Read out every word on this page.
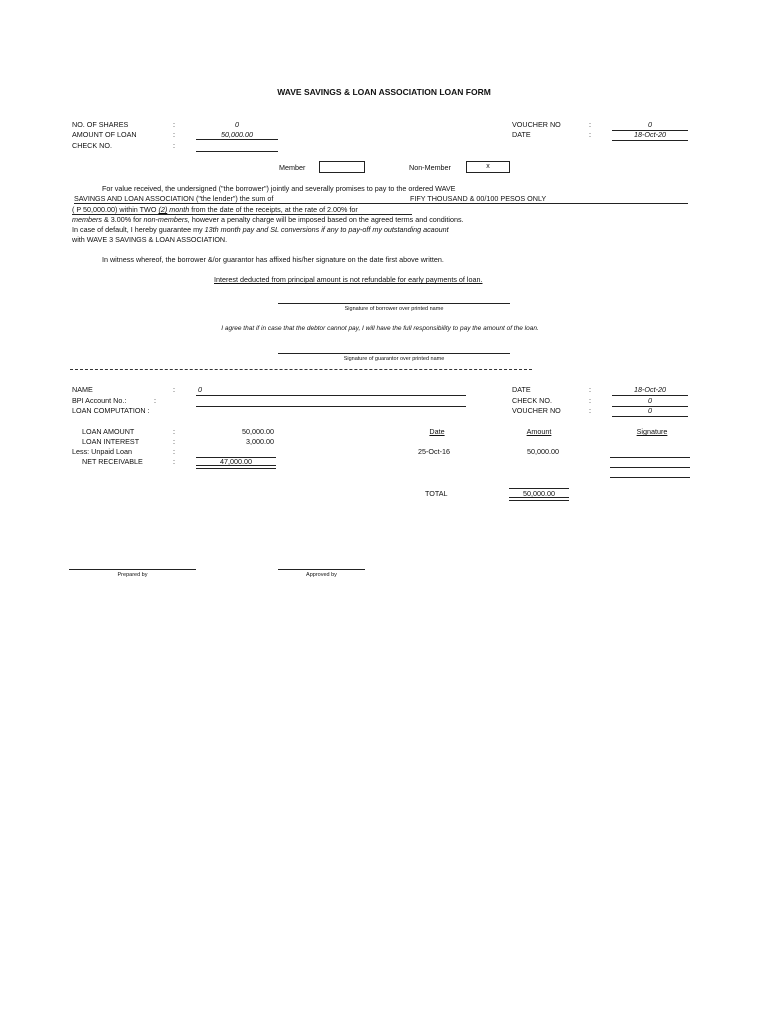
WAVE SAVINGS & LOAN ASSOCIATION LOAN FORM
NO. OF SHARES	:	0
AMOUNT OF LOAN	:	50,000.00
CHECK NO.	:
VOUCHER NO	:	0
DATE	:	18-Oct-20
Member	Non-Member	x
For value received, the undersigned ("the borrower") jointly and severally promises to pay to the ordered WAVE
SAVINGS AND LOAN ASSOCIATION ("the lender") the sum of	FIFY THOUSAND & 00/100 PESOS ONLY
( P 50,000.00) within TWO (2) month from the date of the receipts, at the rate of 2.00% for
members & 3.00% for non-members, however a penalty charge will be imposed based on the agreed terms and conditions.
In case of default, I hereby guarantee my 13th month pay and SL conversions if any to pay-off my outstanding acaount
with WAVE 3 SAVINGS & LOAN ASSOCIATION.
In witness whereof, the borrower &/or guarantor has affixed his/her signature on the date first above written.
Interest deducted from principal amount is not refundable for early payments of loan.
Signature of borrower over printed name
I agree that if in case that the debtor cannot pay, I will have the full responsibility to pay the amount of the loan.
Signature of guarantor over printed name
NAME	:	0
BPI Account No.:	:
LOAN COMPUTATION :
DATE	:	18-Oct-20
CHECK NO.	:	0
VOUCHER NO	:	0
LOAN AMOUNT	:	50,000.00
LOAN INTEREST	:	3,000.00
Less: Unpaid Loan	:
NET RECEIVABLE	:	47,000.00
Date	Amount	Signature
25-Oct-16	50,000.00
TOTAL	50,000.00
Prepared by	Approved by
